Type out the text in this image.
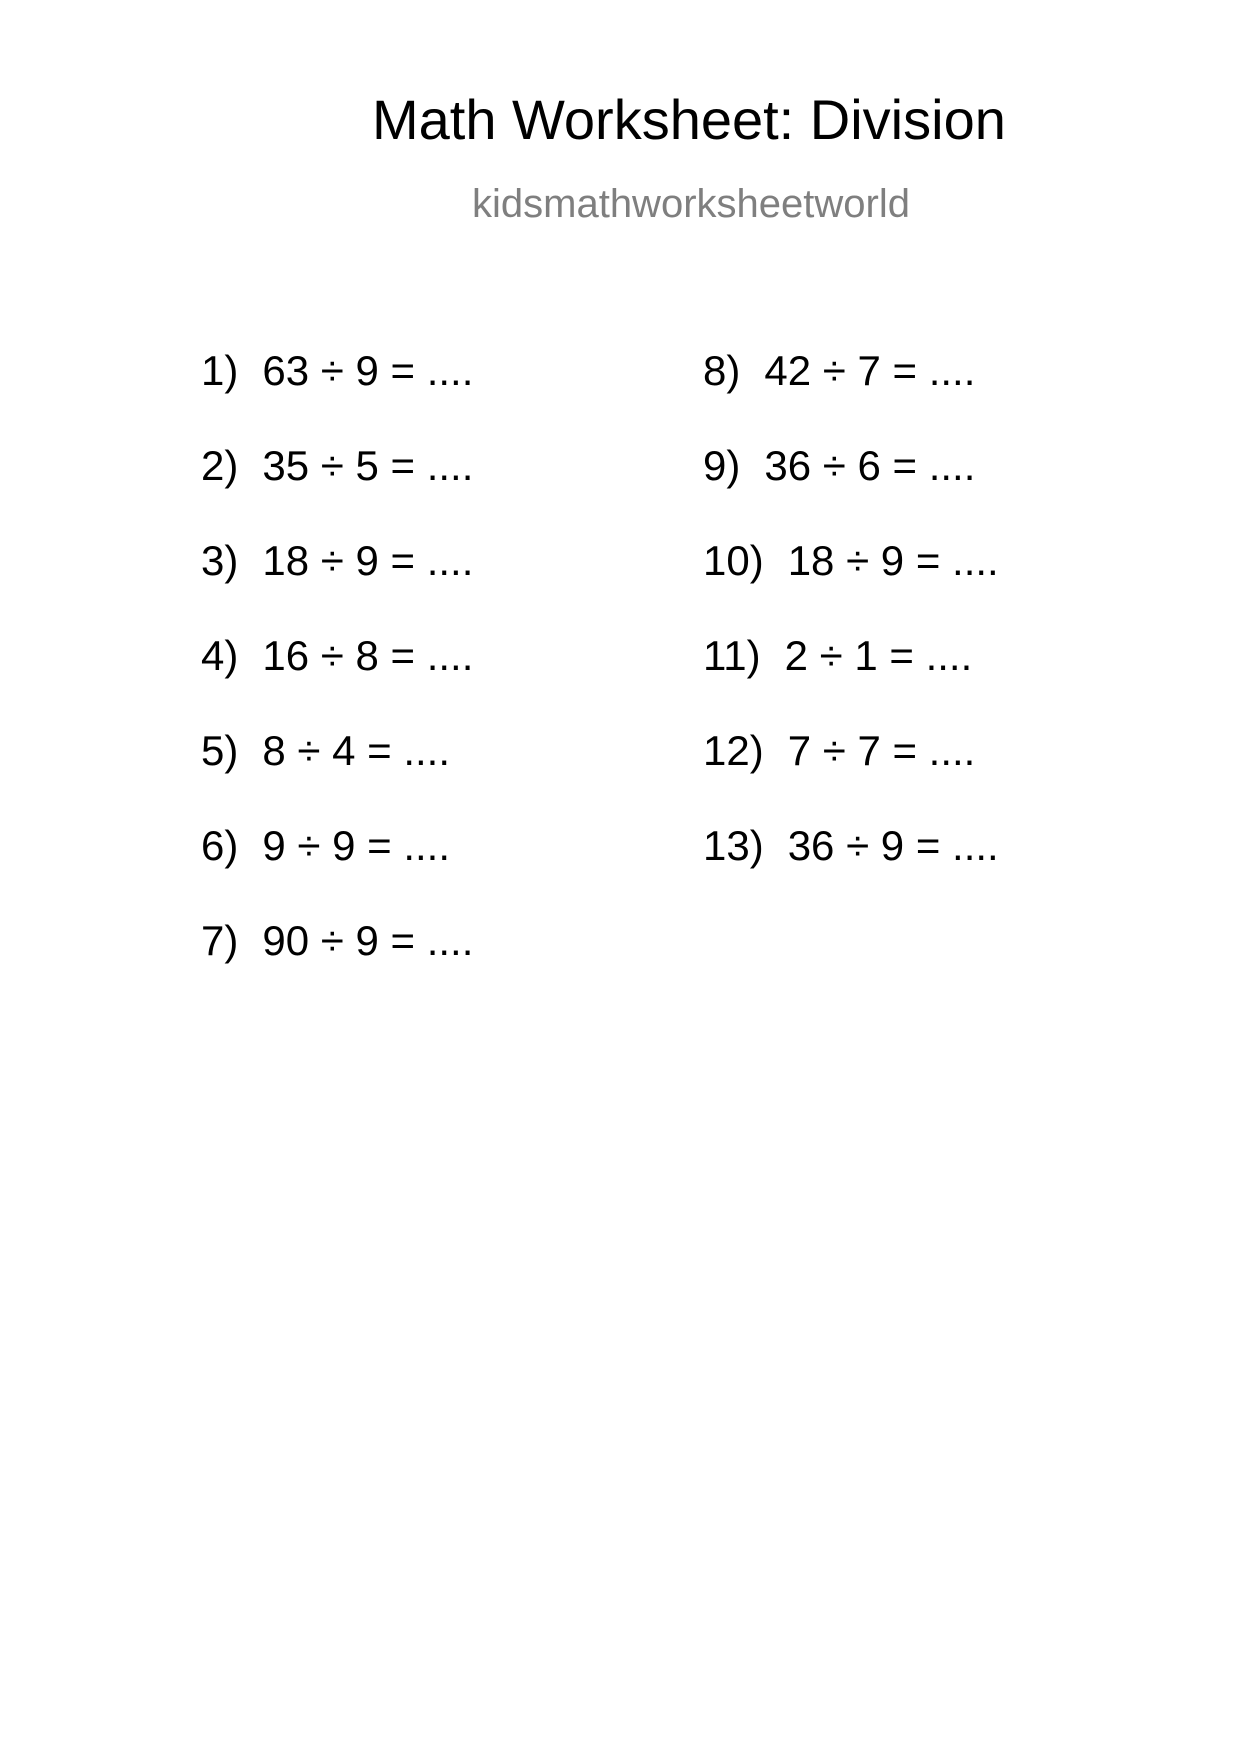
Math Worksheet: Division
kidsmathworksheetworld
1) 63 ÷ 9 = ....
2) 35 ÷ 5 = ....
3) 18 ÷ 9 = ....
4) 16 ÷ 8 = ....
5) 8 ÷ 4 = ....
6) 9 ÷ 9 = ....
7) 90 ÷ 9 = ....
8) 42 ÷ 7 = ....
9) 36 ÷ 6 = ....
10) 18 ÷ 9 = ....
11) 2 ÷ 1 = ....
12) 7 ÷ 7 = ....
13) 36 ÷ 9 = ....
